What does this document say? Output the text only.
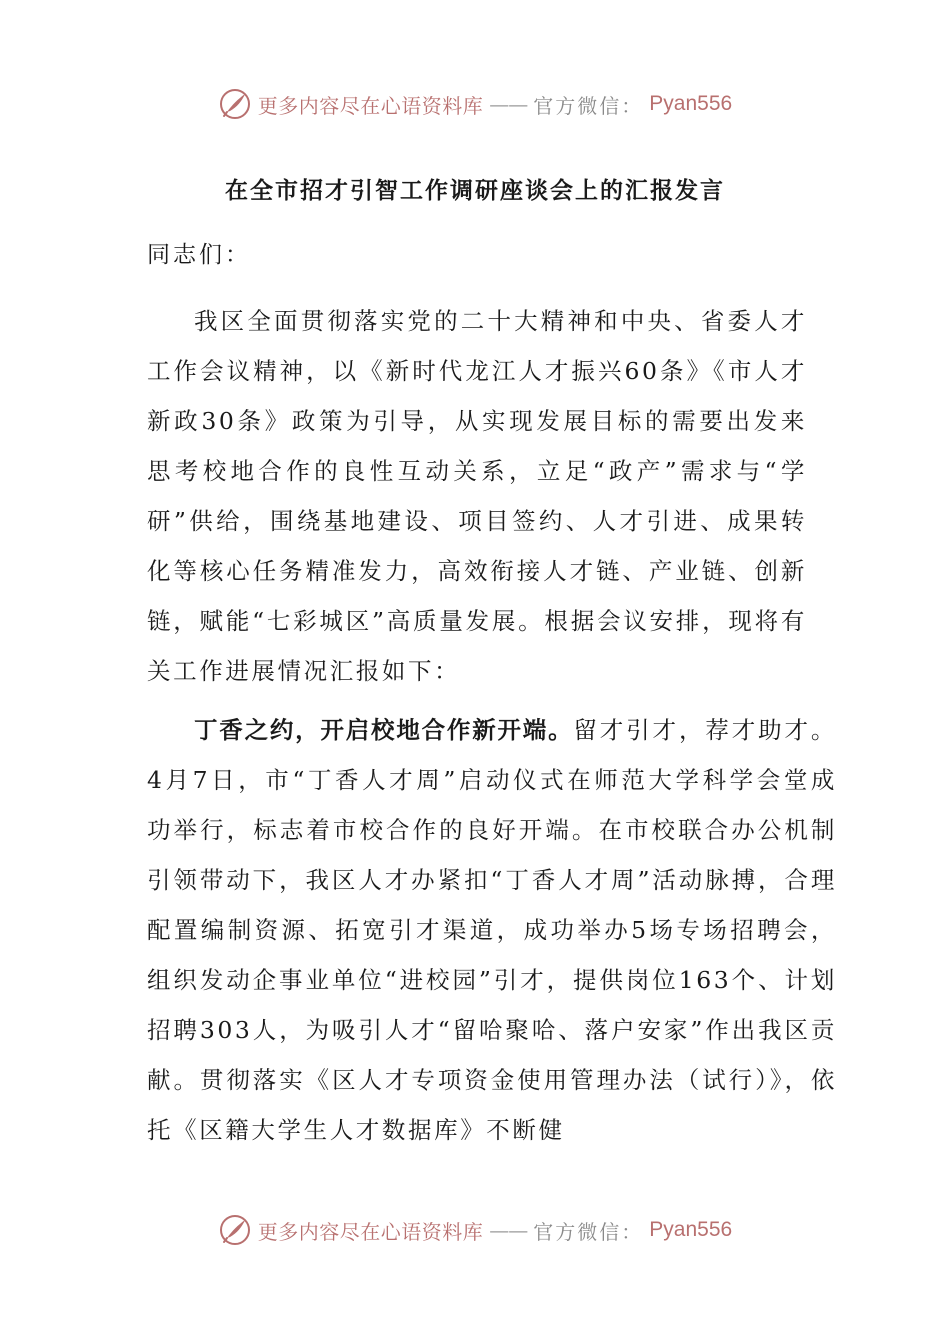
更多内容尽在心语资料库 —— 官方微信： Pyan556
在全市招才引智工作调研座谈会上的汇报发言
同志们：

我区全面贯彻落实党的二十大精神和中央、省委人才工作会议精神，以《新时代龙江人才振兴60条》《市人才新政30条》政策为引导，从实现发展目标的需要出发来思考校地合作的良性互动关系，立足“政产”需求与“学研”供给，围绕基地建设、项目签约、人才引进、成果转化等核心任务精准发力，高效衔接人才链、产业链、创新链，赋能“七彩城区”高质量发展。根据会议安排，现将有关工作进展情况汇报如下：

丁香之约，开启校地合作新开端。留才引才，荐才助才。4月7日，市“丁香人才周”启动仪式在师范大学科学会堂成功举行，标志着市校合作的良好开端。在市校联合办公机制引领带动下，我区人才办紧扣“丁香人才周”活动脉搏，合理配置编制资源、拓宽引才渠道，成功举办5场专场招聘会，组织发动企事业单位“进校园”引才，提供岗位163个、计划招聘303人，为吸引人才“留哈聚哈、落户安家”作出我区贡献。贯彻落实《区人才专项资金使用管理办法（试行）》，依托《区籍大学生人才数据库》不断健

更多内容尽在心语资料库 —— 官方微信： Pyan556
